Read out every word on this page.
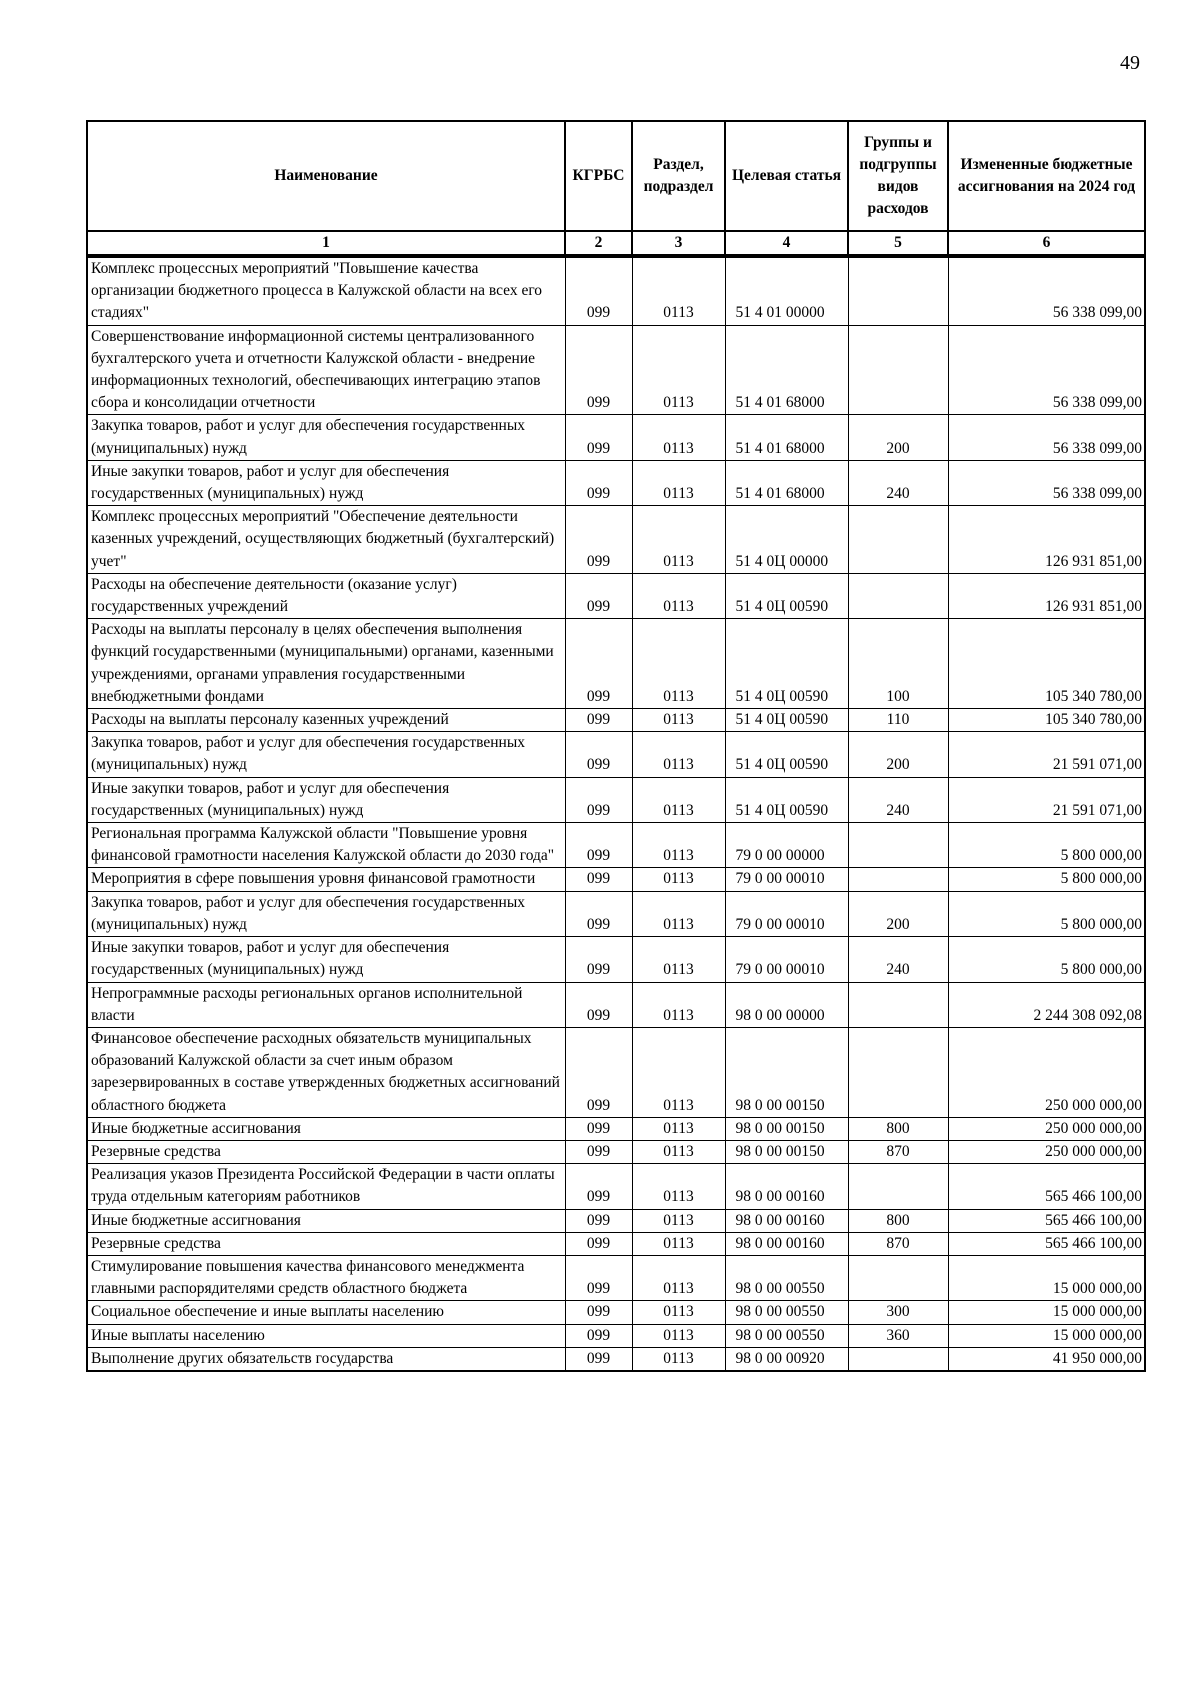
49
Наименование	КГРБС	Раздел, подраздел	Целевая статья	Группы и подгруппы видов расходов	Измененные бюджетные ассигнования на 2024 год
1	2	3	4	5	6
Комплекс процессных мероприятий "Повышение качества организации бюджетного процесса в Калужской области на всех его стадиях"	099	0113	51 4 01 00000		56 338 099,00
Совершенствование информационной системы централизованного бухгалтерского учета и отчетности Калужской области - внедрение информационных технологий, обеспечивающих интеграцию этапов сбора и консолидации отчетности	099	0113	51 4 01 68000		56 338 099,00
Закупка товаров, работ и услуг для обеспечения государственных (муниципальных) нужд	099	0113	51 4 01 68000	200	56 338 099,00
Иные закупки товаров, работ и услуг для обеспечения государственных (муниципальных) нужд	099	0113	51 4 01 68000	240	56 338 099,00
Комплекс процессных мероприятий "Обеспечение деятельности казенных учреждений, осуществляющих бюджетный (бухгалтерский) учет"	099	0113	51 4 0Ц 00000		126 931 851,00
Расходы на обеспечение деятельности (оказание услуг) государственных учреждений	099	0113	51 4 0Ц 00590		126 931 851,00
Расходы на выплаты персоналу в целях обеспечения выполнения функций государственными (муниципальными) органами, казенными учреждениями, органами управления государственными внебюджетными фондами	099	0113	51 4 0Ц 00590	100	105 340 780,00
Расходы на выплаты персоналу казенных учреждений	099	0113	51 4 0Ц 00590	110	105 340 780,00
Закупка товаров, работ и услуг для обеспечения государственных (муниципальных) нужд	099	0113	51 4 0Ц 00590	200	21 591 071,00
Иные закупки товаров, работ и услуг для обеспечения государственных (муниципальных) нужд	099	0113	51 4 0Ц 00590	240	21 591 071,00
Региональная программа Калужской области "Повышение уровня финансовой грамотности населения Калужской области до 2030 года"	099	0113	79 0 00 00000		5 800 000,00
Мероприятия в сфере повышения уровня финансовой грамотности	099	0113	79 0 00 00010		5 800 000,00
Закупка товаров, работ и услуг для обеспечения государственных (муниципальных) нужд	099	0113	79 0 00 00010	200	5 800 000,00
Иные закупки товаров, работ и услуг для обеспечения государственных (муниципальных) нужд	099	0113	79 0 00 00010	240	5 800 000,00
Непрограммные расходы региональных органов исполнительной власти	099	0113	98 0 00 00000		2 244 308 092,08
Финансовое обеспечение расходных обязательств муниципальных образований Калужской области за счет иным образом зарезервированных в составе утвержденных бюджетных ассигнований областного бюджета	099	0113	98 0 00 00150		250 000 000,00
Иные бюджетные ассигнования	099	0113	98 0 00 00150	800	250 000 000,00
Резервные средства	099	0113	98 0 00 00150	870	250 000 000,00
Реализация указов Президента Российской Федерации в части оплаты труда отдельным категориям работников	099	0113	98 0 00 00160		565 466 100,00
Иные бюджетные ассигнования	099	0113	98 0 00 00160	800	565 466 100,00
Резервные средства	099	0113	98 0 00 00160	870	565 466 100,00
Стимулирование повышения качества финансового менеджмента главными распорядителями средств областного бюджета	099	0113	98 0 00 00550		15 000 000,00
Социальное обеспечение и иные выплаты населению	099	0113	98 0 00 00550	300	15 000 000,00
Иные выплаты населению	099	0113	98 0 00 00550	360	15 000 000,00
Выполнение других обязательств государства	099	0113	98 0 00 00920		41 950 000,00
